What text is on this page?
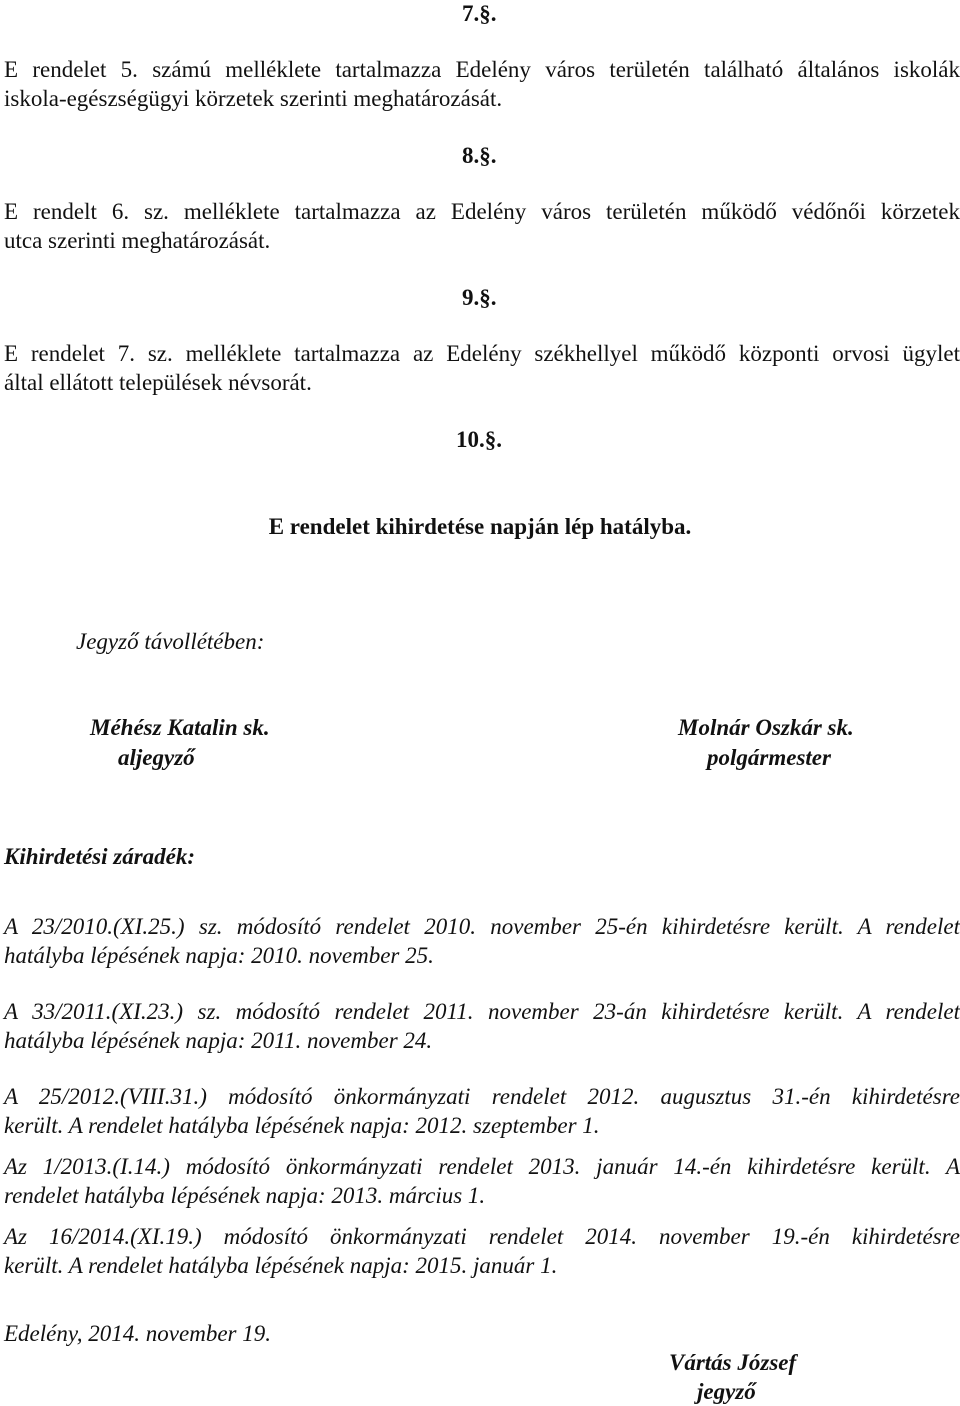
7.§.
E rendelet 5. számú melléklete tartalmazza Edelény város területén található általános iskolák
iskola-egészségügyi körzetek szerinti meghatározását.
8.§.
E rendelt 6. sz. melléklete tartalmazza az Edelény város területén működő védőnői körzetek
utca szerinti meghatározását.
9.§.
E rendelet 7. sz. melléklete tartalmazza az Edelény székhellyel működő központi orvosi ügylet
által ellátott települések névsorát.
10.§.
E rendelet kihirdetése napján lép hatályba.
Jegyző távollétében:
Méhész Katalin sk.
aljegyző
Molnár Oszkár sk.
polgármester
Kihirdetési záradék:
A 23/2010.(XI.25.) sz. módosító rendelet 2010. november 25-én kihirdetésre került. A rendelet
hatályba lépésének napja: 2010. november 25.
A 33/2011.(XI.23.) sz. módosító rendelet 2011. november 23-án kihirdetésre került. A rendelet
hatályba lépésének napja: 2011. november 24.
A 25/2012.(VIII.31.) módosító önkormányzati rendelet 2012. augusztus 31.-én kihirdetésre
került. A rendelet hatályba lépésének napja: 2012. szeptember 1.
Az 1/2013.(I.14.) módosító önkormányzati rendelet 2013. január 14.-én kihirdetésre került. A
rendelet hatályba lépésének napja: 2013. március 1.
Az 16/2014.(XI.19.) módosító önkormányzati rendelet 2014. november 19.-én kihirdetésre
került. A rendelet hatályba lépésének napja: 2015. január 1.
Edelény, 2014. november 19.
Vártás József
jegyző
